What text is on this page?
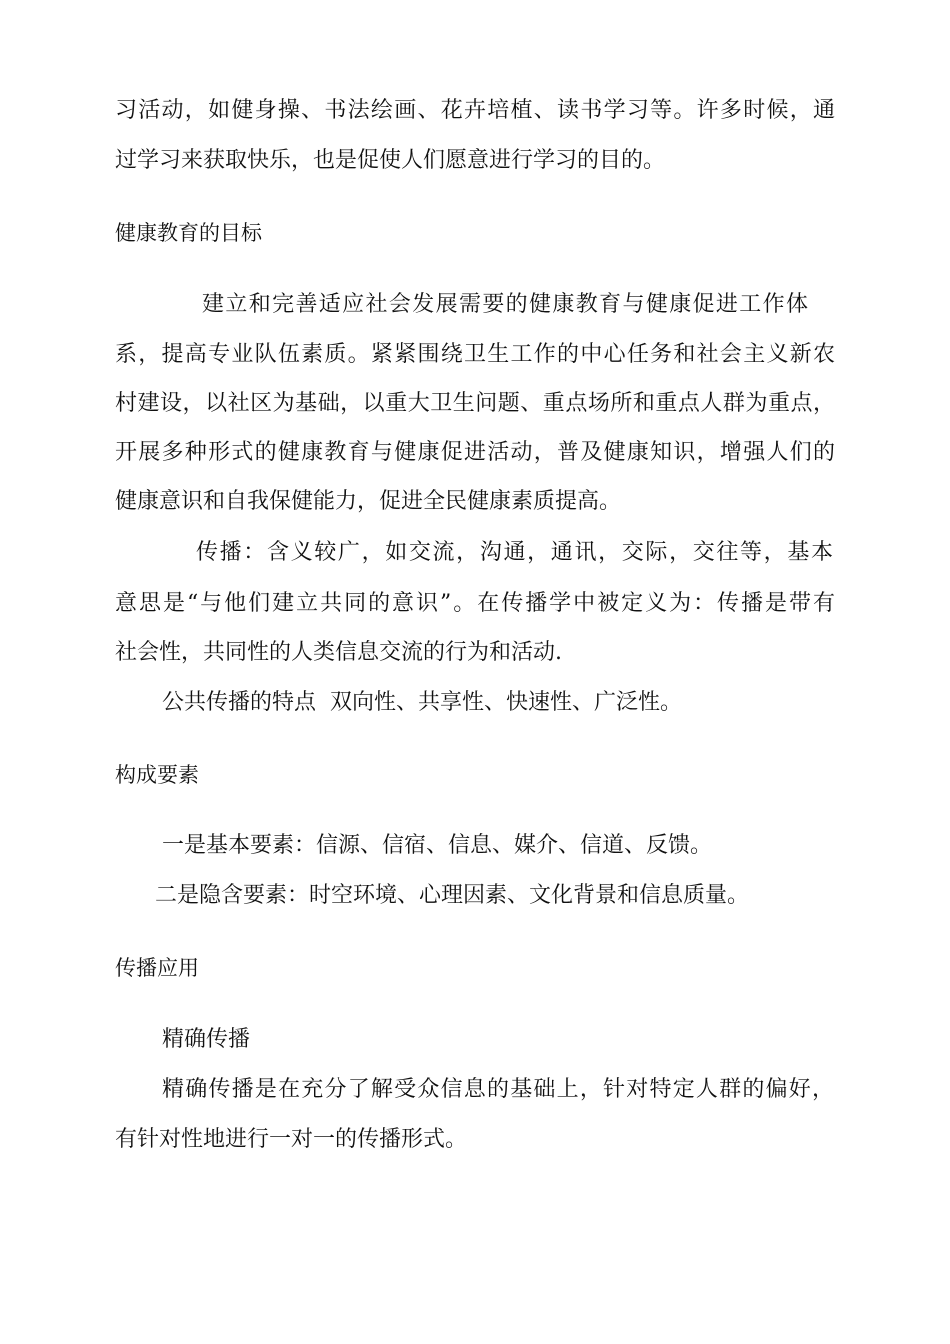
习活动，如健身操、书法绘画、花卉培植、读书学习等。许多时候，通
过学习来获取快乐，也是促使人们愿意进行学习的目的。
健康教育的目标
建立和完善适应社会发展需要的健康教育与健康促进工作体
系，提高专业队伍素质。紧紧围绕卫生工作的中心任务和社会主义新农
村建设，以社区为基础，以重大卫生问题、重点场所和重点人群为重点，
开展多种形式的健康教育与健康促进活动，普及健康知识，增强人们的
健康意识和自我保健能力，促进全民健康素质提高。
传播：含义较广，如交流，沟通，通讯，交际，交往等，基本
意思是“与他们建立共同的意识”。在传播学中被定义为：传播是带有
社会性，共同性的人类信息交流的行为和活动.
公共传播的特点  双向性、共享性、快速性、广泛性。
构成要素
一是基本要素：信源、信宿、信息、媒介、信道、反馈。
二是隐含要素：时空环境、心理因素、文化背景和信息质量。
传播应用
精确传播
精确传播是在充分了解受众信息的基础上，针对特定人群的偏好，
有针对性地进行一对一的传播形式。
